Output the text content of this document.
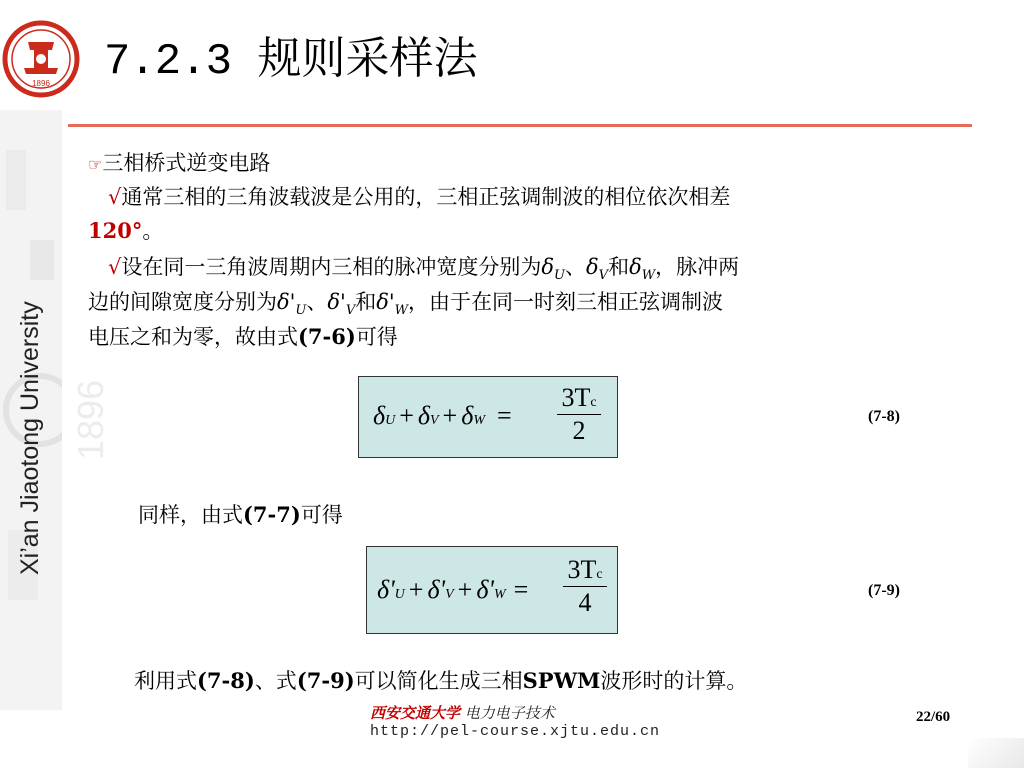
1896
Xi’an Jiaotong University
1896 7.2.3 规则采样法
☞三相桥式逆变电路
√通常三相的三角波载波是公用的，三相正弦调制波的相位依次相差
120°。
√设在同一三角波周期内三相的脉冲宽度分别为$\delta_U$、$\delta_V$和$\delta_W$，脉冲两
边的间隙宽度分别为$\delta'_U$、$\delta'_V$和$\delta'_W$，由于在同一时刻三相正弦调制波
电压之和为零，故由式(7-6)可得
δU + δV + δW =
3Tc
2	(7-8)
同样，由式(7-7)可得
δ'U + δ'V + δ'W =
3Tc
4	(7-9)
利用式(7-8)、式(7-9)可以简化生成三相SPWM波形时的计算。
西安交通大学 电力电子技术
http://pel-course.xjtu.edu.cn
22/60
